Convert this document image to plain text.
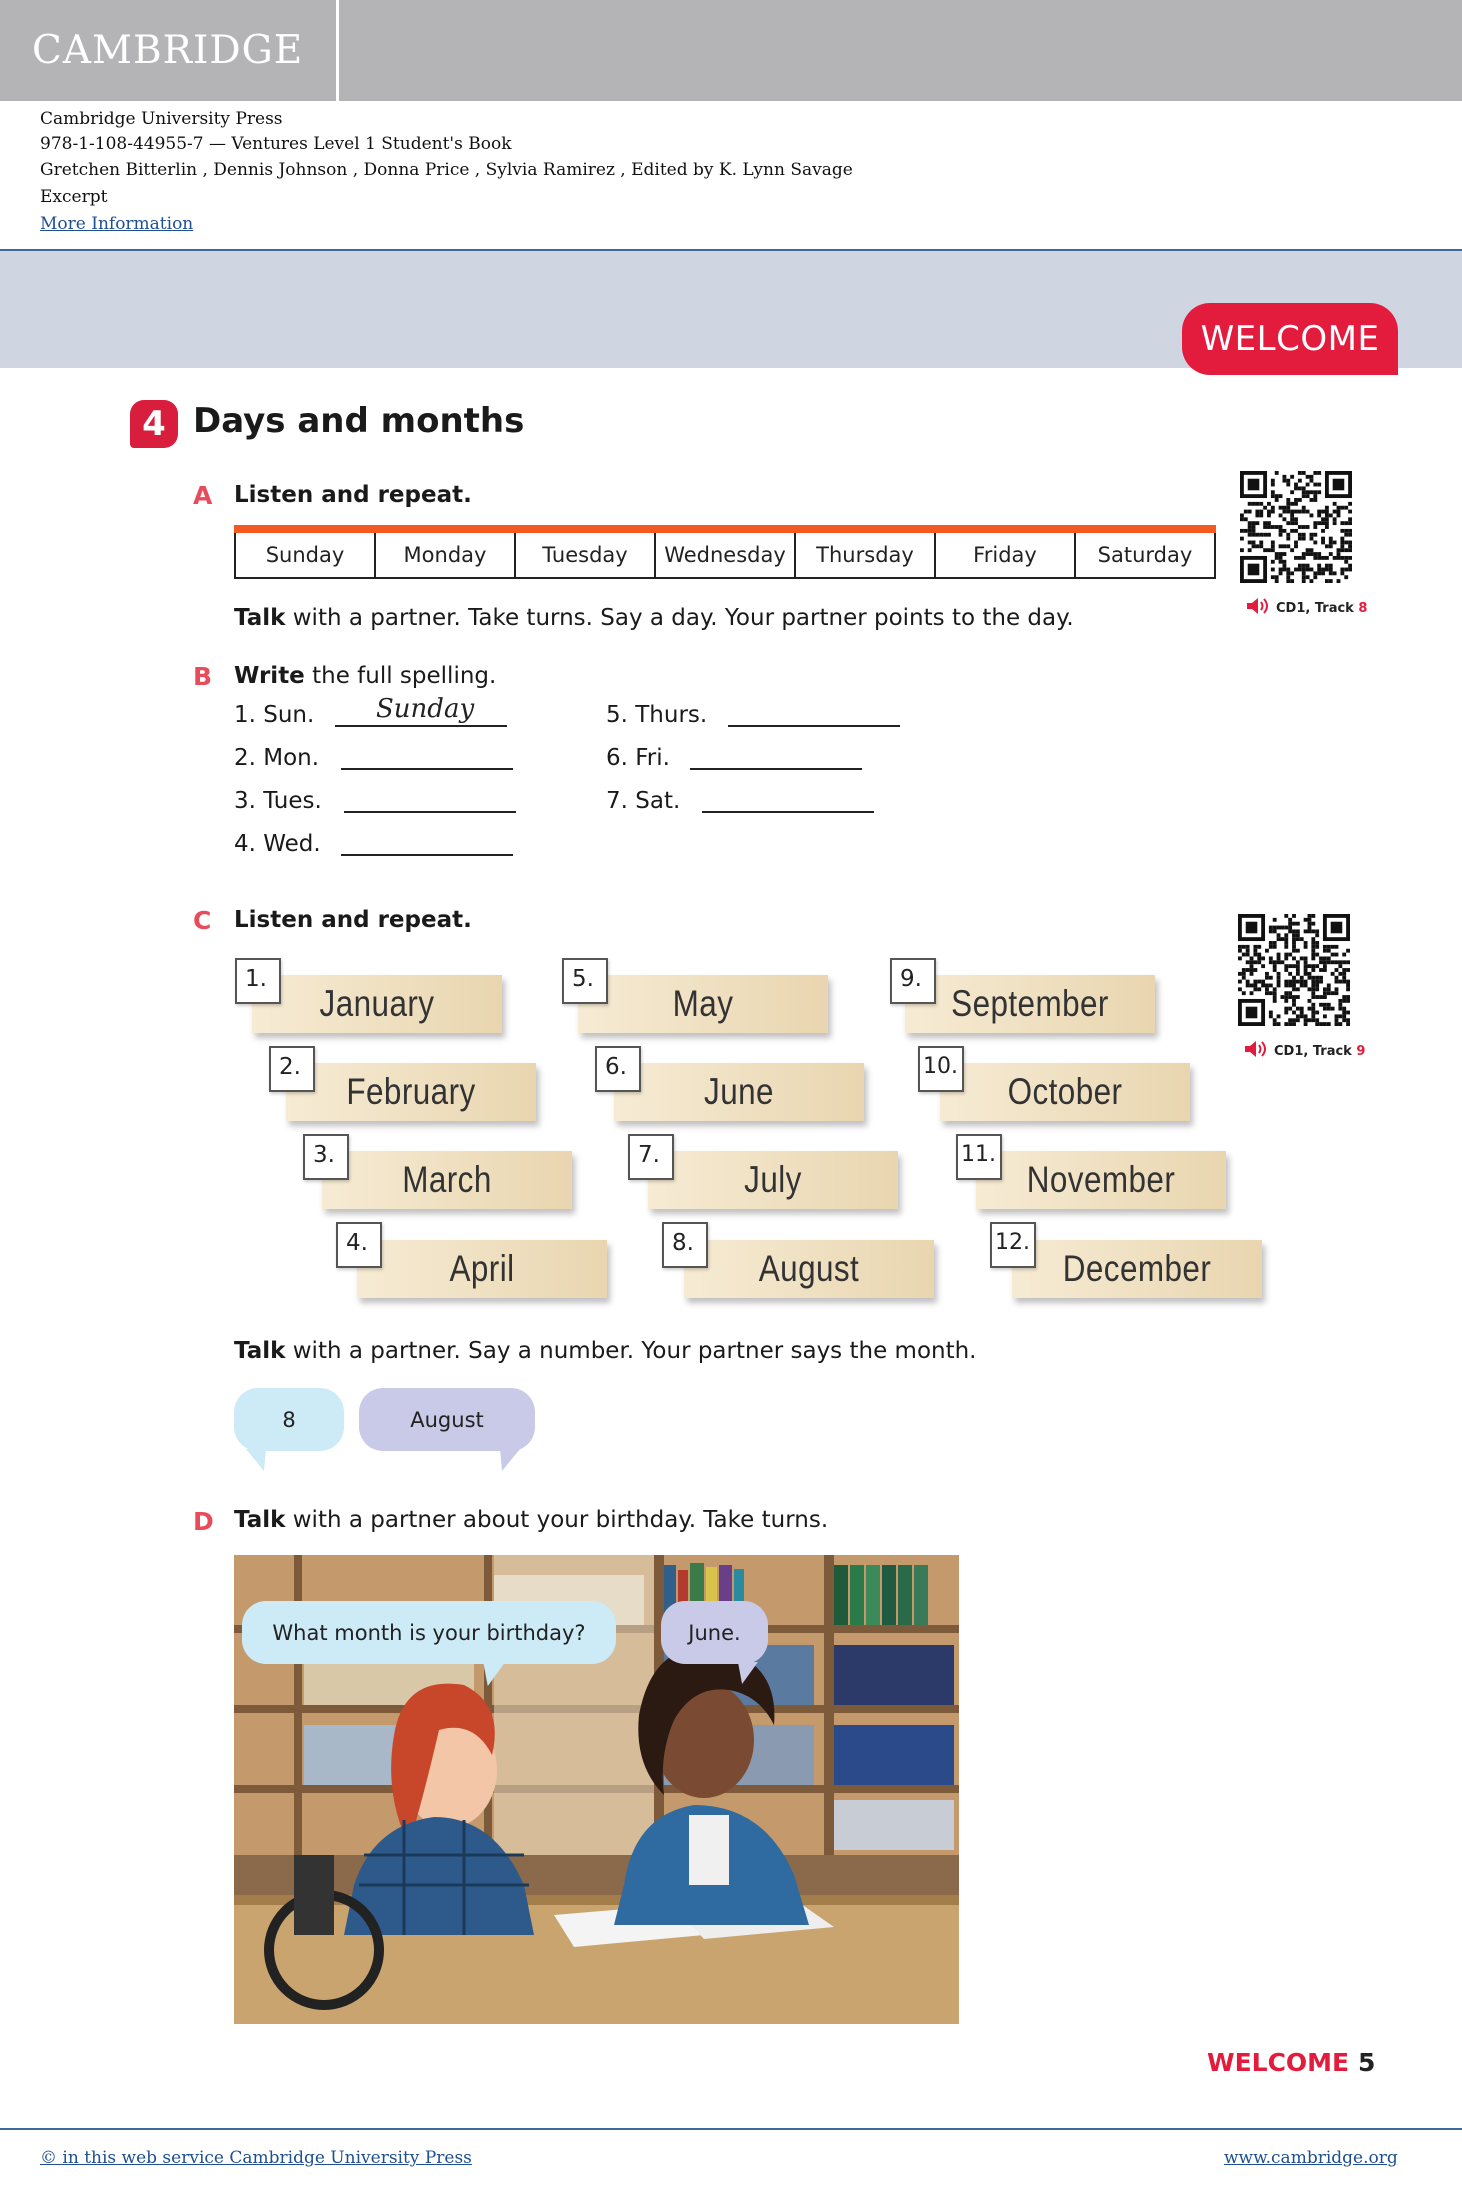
CAMBRIDGE
Cambridge University Press
978-1-108-44955-7 — Ventures Level 1 Student's Book
Gretchen Bitterlin , Dennis Johnson , Donna Price , Sylvia Ramirez , Edited by K. Lynn Savage
Excerpt
More Information
WELCOME
4 Days and months
A Listen and repeat.
Sunday	Monday	Tuesday	Wednesday	Thursday	Friday	Saturday
Talk with a partner. Take turns. Say a day. Your partner points to the day.	CD1, Track 8
B Write the full spelling.
1. Sun. Sunday
2. Mon.
3. Tues.
4. Wed.
5. Thurs.
6. Fri.
7. Sat.
C Listen and repeat.
CD1, Track 9
January
1.
February
2.
March
3.
April
4.
May
5.
June
6.
July
7.
August
8.
September
9.
October
10.
November
11.
December
12.
Talk with a partner. Say a number. Your partner says the month.
8	August
D Talk with a partner about your birthday. Take turns.
What month is your birthday?	June.
WELCOME 5
© in this web service Cambridge University Press	www.cambridge.org
